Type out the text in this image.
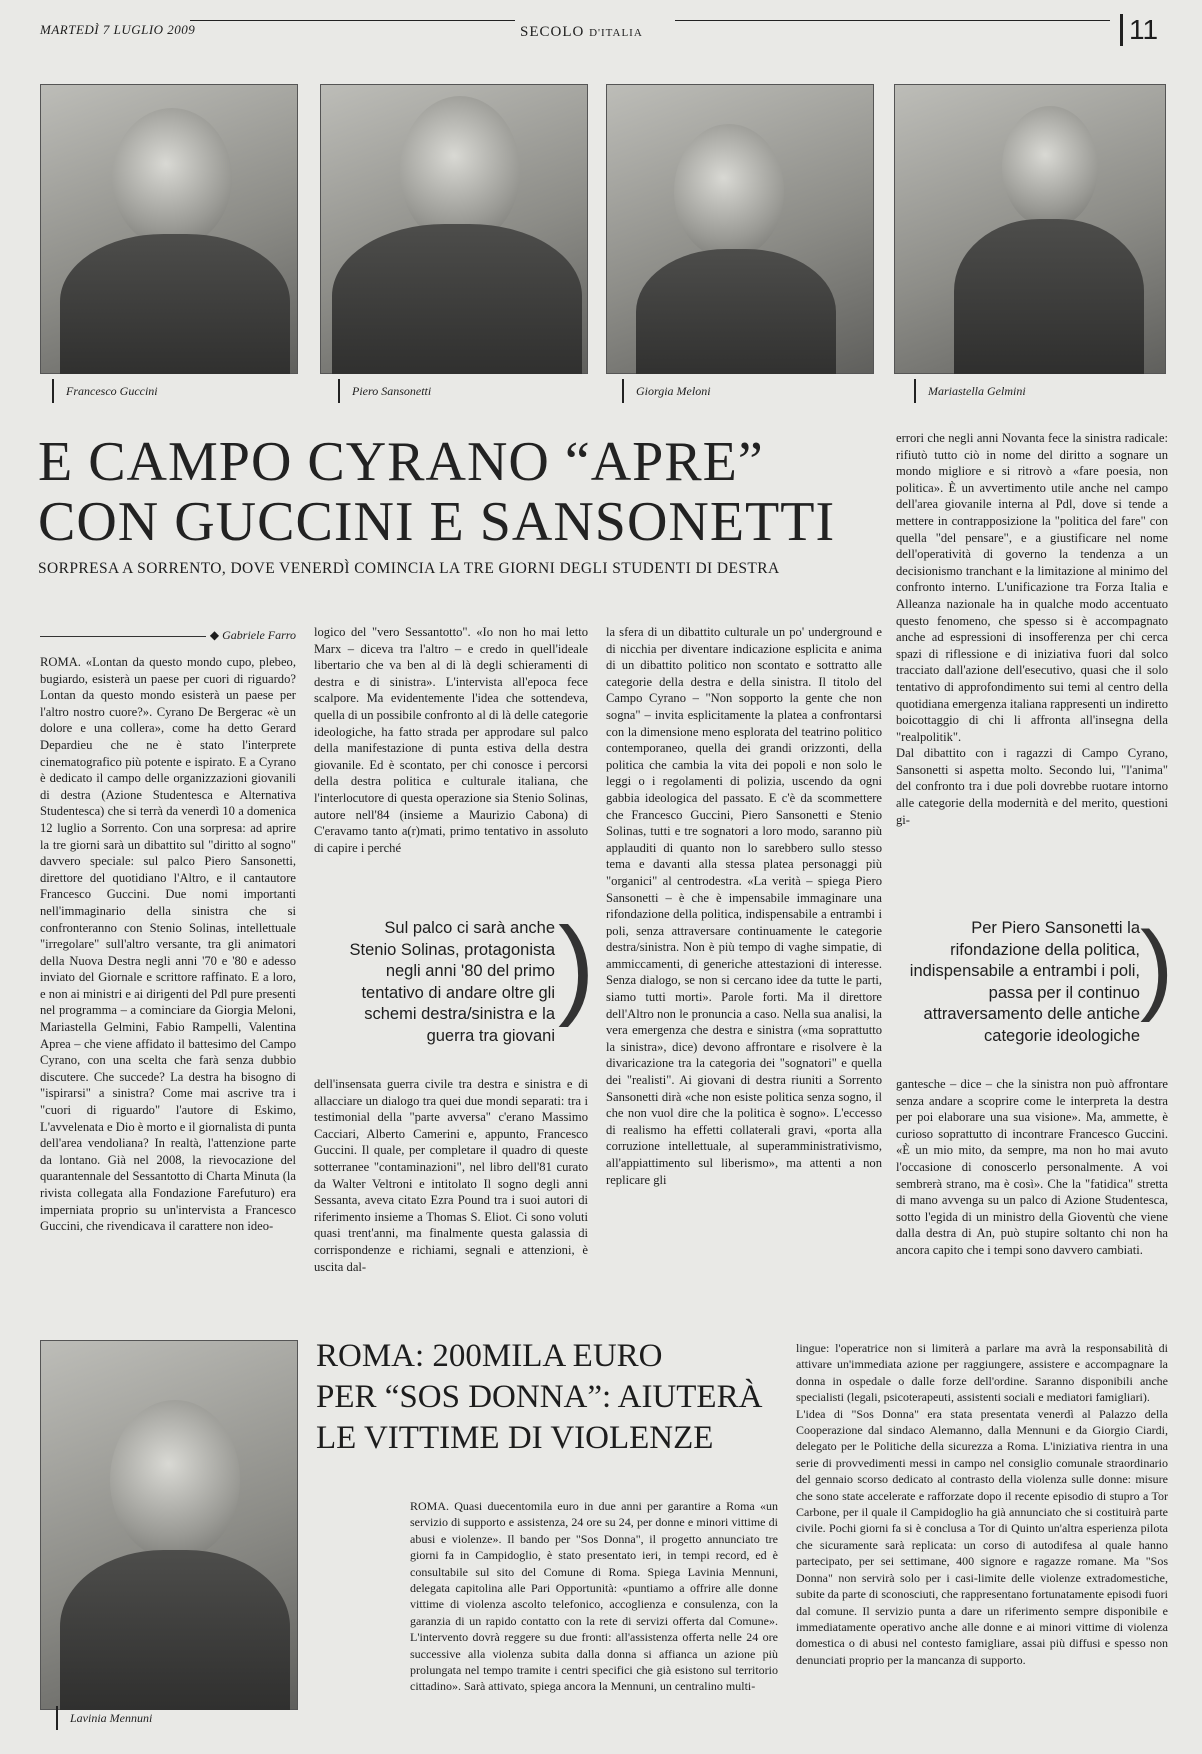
MARTEDÌ 7 LUGLIO 2009	SECOLO D'ITALIA	11
Francesco Guccini	Piero Sansonetti	Giorgia Meloni	Mariastella Gelmini
E CAMPO CYRANO “APRE”
CON GUCCINI E SANSONETTI
SORPRESA A SORRENTO, DOVE VENERDÌ COMINCIA LA TRE GIORNI DEGLI STUDENTI DI DESTRA
◆ Gabriele Farro
ROMA. «Lontan da questo mondo cupo, plebeo, bugiardo, esisterà un paese per cuori di riguardo? Lontan da questo mondo esisterà un paese per l'altro nostro cuore?». Cyrano De Bergerac «è un dolore e una collera», come ha detto Gerard Depardieu che ne è stato l'interprete cinematografico più potente e ispirato. E a Cyrano è dedicato il campo delle organizzazioni giovanili di destra (Azione Studentesca e Alternativa Studentesca) che si terrà da venerdì 10 a domenica 12 luglio a Sorrento. Con una sorpresa: ad aprire la tre giorni sarà un dibattito sul "diritto al sogno" davvero speciale: sul palco Piero Sansonetti, direttore del quotidiano l'Altro, e il cantautore Francesco Guccini. Due nomi importanti nell'immaginario della sinistra che si confronteranno con Stenio Solinas, intellettuale "irregolare" sull'altro versante, tra gli animatori della Nuova Destra negli anni '70 e '80 e adesso inviato del Giornale e scrittore raffinato. E a loro, e non ai ministri e ai dirigenti del Pdl pure presenti nel programma – a cominciare da Giorgia Meloni, Mariastella Gelmini, Fabio Rampelli, Valentina Aprea – che viene affidato il battesimo del Campo Cyrano, con una scelta che farà senza dubbio discutere. Che succede? La destra ha bisogno di "ispirarsi" a sinistra? Come mai ascrive tra i "cuori di riguardo" l'autore di Eskimo, L'avvelenata e Dio è morto e il giornalista di punta dell'area vendoliana? In realtà, l'attenzione parte da lontano. Già nel 2008, la rievocazione del quarantennale del Sessantotto di Charta Minuta (la rivista collegata alla Fondazione Farefuturo) era imperniata proprio su un'intervista a Francesco Guccini, che rivendicava il carattere non ideo-
logico del "vero Sessantotto". «Io non ho mai letto Marx – diceva tra l'altro – e credo in quell'ideale libertario che va ben al di là degli schieramenti di destra e di sinistra». L'intervista all'epoca fece scalpore. Ma evidentemente l'idea che sottendeva, quella di un possibile confronto al di là delle categorie ideologiche, ha fatto strada per approdare sul palco della manifestazione di punta estiva della destra giovanile. Ed è scontato, per chi conosce i percorsi della destra politica e culturale italiana, che l'interlocutore di questa operazione sia Stenio Solinas, autore nell'84 (insieme a Maurizio Cabona) di C'eravamo tanto a(r)mati, primo tentativo in assoluto di capire i perché
Sul palco ci sarà anche Stenio Solinas, protagonista negli anni '80 del primo tentativo di andare oltre gli schemi destra/sinistra e la guerra tra giovani
)
dell'insensata guerra civile tra destra e sinistra e di allacciare un dialogo tra quei due mondi separati: tra i testimonial della "parte avversa" c'erano Massimo Cacciari, Alberto Camerini e, appunto, Francesco Guccini. Il quale, per completare il quadro di queste sotterranee "contaminazioni", nel libro dell'81 curato da Walter Veltroni e intitolato Il sogno degli anni Sessanta, aveva citato Ezra Pound tra i suoi autori di riferimento insieme a Thomas S. Eliot. Ci sono voluti quasi trent'anni, ma finalmente questa galassia di corrispondenze e richiami, segnali e attenzioni, è uscita dal-
la sfera di un dibattito culturale un po' underground e di nicchia per diventare indicazione esplicita e anima di un dibattito politico non scontato e sottratto alle categorie della destra e della sinistra. Il titolo del Campo Cyrano – "Non sopporto la gente che non sogna" – invita esplicitamente la platea a confrontarsi con la dimensione meno esplorata del teatrino politico contemporaneo, quella dei grandi orizzonti, della politica che cambia la vita dei popoli e non solo le leggi o i regolamenti di polizia, uscendo da ogni gabbia ideologica del passato. E c'è da scommettere che Francesco Guccini, Piero Sansonetti e Stenio Solinas, tutti e tre sognatori a loro modo, saranno più applauditi di quanto non lo sarebbero sullo stesso tema e davanti alla stessa platea personaggi più "organici" al centrodestra. «La verità – spiega Piero Sansonetti – è che è impensabile immaginare una rifondazione della politica, indispensabile a entrambi i poli, senza attraversare continuamente le categorie destra/sinistra. Non è più tempo di vaghe simpatie, di ammiccamenti, di generiche attestazioni di interesse. Senza dialogo, se non si cercano idee da tutte le parti, siamo tutti morti». Parole forti. Ma il direttore dell'Altro non le pronuncia a caso. Nella sua analisi, la vera emergenza che destra e sinistra («ma soprattutto la sinistra», dice) devono affrontare e risolvere è la divaricazione tra la categoria dei "sognatori" e quella dei "realisti". Ai giovani di destra riuniti a Sorrento Sansonetti dirà «che non esiste politica senza sogno, il che non vuol dire che la politica è sogno». L'eccesso di realismo ha effetti collaterali gravi, «porta alla corruzione intellettuale, al superamministrativismo, all'appiattimento sul liberismo», ma attenti a non replicare gli
errori che negli anni Novanta fece la sinistra radicale: rifiutò tutto ciò in nome del diritto a sognare un mondo migliore e si ritrovò a «fare poesia, non politica». È un avvertimento utile anche nel campo dell'area giovanile interna al Pdl, dove si tende a mettere in contrapposizione la "politica del fare" con quella "del pensare", e a giustificare nel nome dell'operatività di governo la tendenza a un decisionismo tranchant e la limitazione al minimo del confronto interno. L'unificazione tra Forza Italia e Alleanza nazionale ha in qualche modo accentuato questo fenomeno, che spesso si è accompagnato anche ad espressioni di insofferenza per chi cerca spazi di riflessione e di iniziativa fuori dal solco tracciato dall'azione dell'esecutivo, quasi che il solo tentativo di approfondimento sui temi al centro della quotidiana emergenza italiana rappresenti un indiretto boicottaggio di chi li affronta all'insegna della "realpolitik".
Dal dibattito con i ragazzi di Campo Cyrano, Sansonetti si aspetta molto. Secondo lui, "l'anima" del confronto tra i due poli dovrebbe ruotare intorno alle categorie della modernità e del merito, questioni gi-
Per Piero Sansonetti la rifondazione della politica, indispensabile a entrambi i poli, passa per il continuo attraversamento delle antiche categorie ideologiche
)
gantesche – dice – che la sinistra non può affrontare senza andare a scoprire come le interpreta la destra per poi elaborare una sua visione». Ma, ammette, è curioso soprattutto di incontrare Francesco Guccini. «È un mio mito, da sempre, ma non ho mai avuto l'occasione di conoscerlo personalmente. A voi sembrerà strano, ma è così». Che la "fatidica" stretta di mano avvenga su un palco di Azione Studentesca, sotto l'egida di un ministro della Gioventù che viene dalla destra di An, può stupire soltanto chi non ha ancora capito che i tempi sono davvero cambiati.
Lavinia Mennuni
ROMA: 200MILA EURO
PER “SOS DONNA”: AIUTERÀ
LE VITTIME DI VIOLENZE
ROMA. Quasi duecentomila euro in due anni per garantire a Roma «un servizio di supporto e assistenza, 24 ore su 24, per donne e minori vittime di abusi e violenze». Il bando per "Sos Donna", il progetto annunciato tre giorni fa in Campidoglio, è stato presentato ieri, in tempi record, ed è consultabile sul sito del Comune di Roma. Spiega Lavinia Mennuni, delegata capitolina alle Pari Opportunità: «puntiamo a offrire alle donne vittime di violenza ascolto telefonico, accoglienza e consulenza, con la garanzia di un rapido contatto con la rete di servizi offerta dal Comune». L'intervento dovrà reggere su due fronti: all'assistenza offerta nelle 24 ore successive alla violenza subita dalla donna si affianca un azione più prolungata nel tempo tramite i centri specifici che già esistono sul territorio cittadino». Sarà attivato, spiega ancora la Mennuni, un centralino multi-
lingue: l'operatrice non si limiterà a parlare ma avrà la responsabilità di attivare un'immediata azione per raggiungere, assistere e accompagnare la donna in ospedale o dalle forze dell'ordine. Saranno disponibili anche specialisti (legali, psicoterapeuti, assistenti sociali e mediatori famigliari).
L'idea di "Sos Donna" era stata presentata venerdì al Palazzo della Cooperazione dal sindaco Alemanno, dalla Mennuni e da Giorgio Ciardi, delegato per le Politiche della sicurezza a Roma. L'iniziativa rientra in una serie di provvedimenti messi in campo nel consiglio comunale straordinario del gennaio scorso dedicato al contrasto della violenza sulle donne: misure che sono state accelerate e rafforzate dopo il recente episodio di stupro a Tor Carbone, per il quale il Campidoglio ha già annunciato che si costituirà parte civile. Pochi giorni fa si è conclusa a Tor di Quinto un'altra esperienza pilota che sicuramente sarà replicata: un corso di autodifesa al quale hanno partecipato, per sei settimane, 400 signore e ragazze romane. Ma "Sos Donna" non servirà solo per i casi-limite delle violenze extradomestiche, subite da parte di sconosciuti, che rappresentano fortunatamente episodi fuori dal comune. Il servizio punta a dare un riferimento sempre disponibile e immediatamente operativo anche alle donne e ai minori vittime di violenza domestica o di abusi nel contesto famigliare, assai più diffusi e spesso non denunciati proprio per la mancanza di supporto.
